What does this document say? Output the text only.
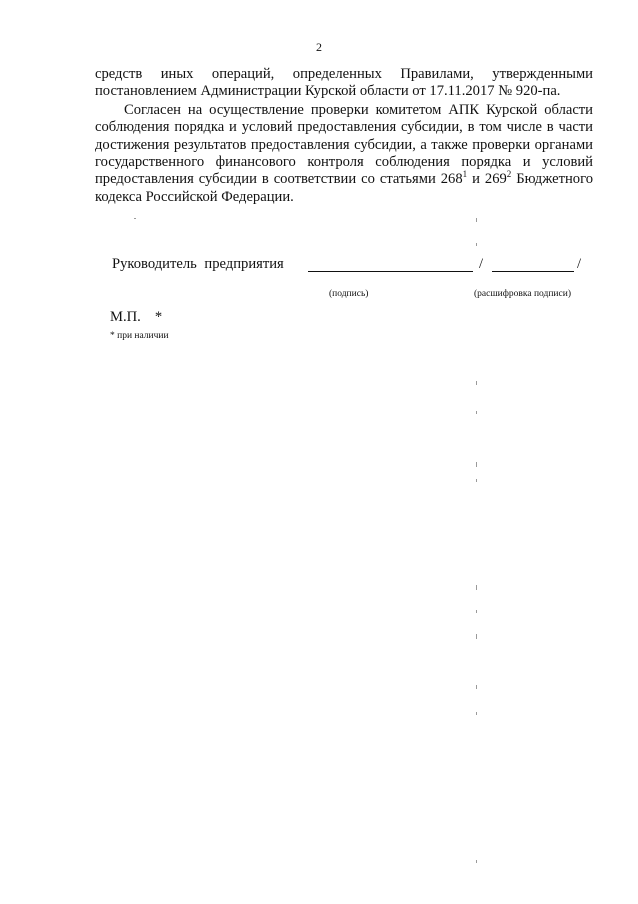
2

средств иных операций, определенных Правилами, утвержденными постановлением Администрации Курской области от 17.11.2017 № 920-па.

Согласен на осуществление проверки комитетом АПК Курской области соблюдения порядка и условий предоставления субсидии, в том числе в части достижения результатов предоставления субсидии, а также проверки органами государственного финансового контроля соблюдения порядка и условий предоставления субсидии в соответствии со статьями $268^1$ и $269^2$ Бюджетного кодекса Российской Федерации.

Руководитель предприятия	/	/
(подпись)	(расшифровка подписи)
М.П. *
* при наличии
